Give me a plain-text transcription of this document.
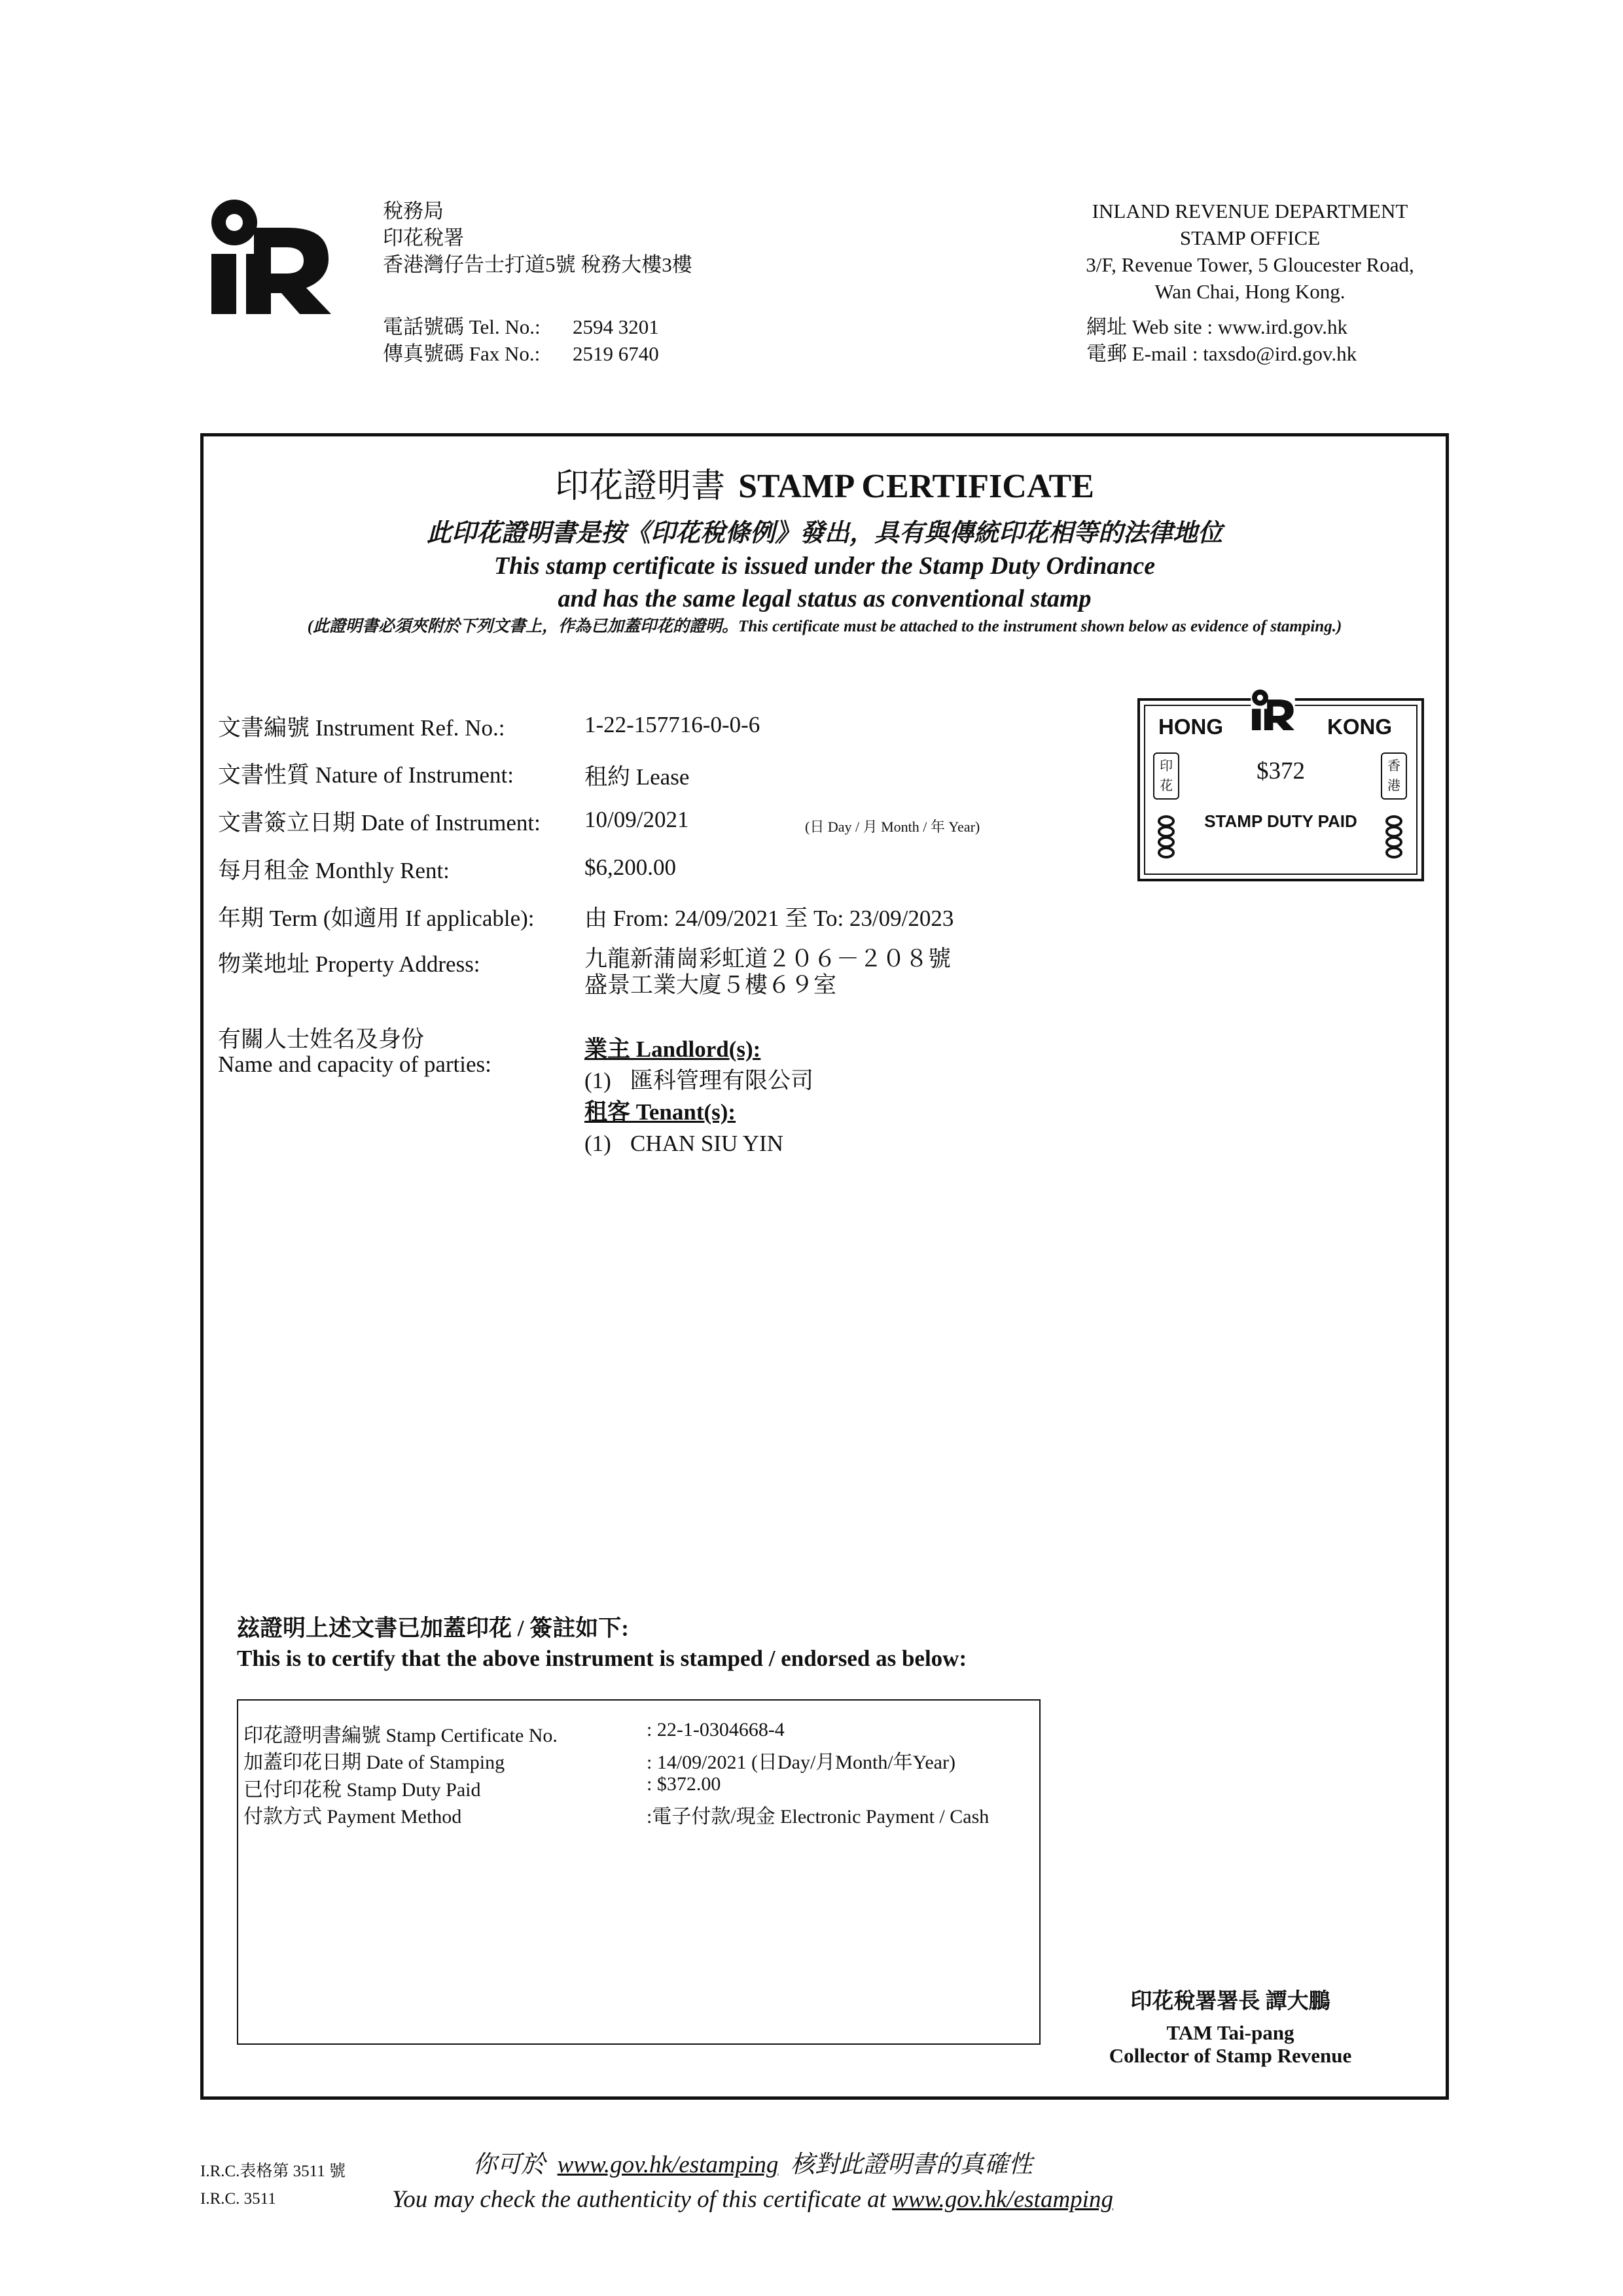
稅務局
印花稅署
香港灣仔告士打道5號 稅務大樓3樓
電話號碼 Tel. No.: 2594 3201
傳真號碼 Fax No.: 2519 6740
INLAND REVENUE DEPARTMENT
STAMP OFFICE
3/F, Revenue Tower, 5 Gloucester Road,
Wan Chai, Hong Kong.
網址 Web site : www.ird.gov.hk
電郵 E-mail : taxsdo@ird.gov.hk
印花證明書 STAMP CERTIFICATE
此印花證明書是按《印花稅條例》發出，具有與傳統印花相等的法律地位
This stamp certificate is issued under the Stamp Duty Ordinance
and has the same legal status as conventional stamp
(此證明書必須夾附於下列文書上，作為已加蓋印花的證明。This certificate must be attached to the instrument shown below as evidence of stamping.)
文書編號 Instrument Ref. No.:	1-22-157716-0-0-6
文書性質 Nature of Instrument:	租約 Lease
文書簽立日期 Date of Instrument: 10/09/2021	(日 Day / 月 Month / 年 Year)
每月租金 Monthly Rent:	$6,200.00
年期 Term (如適用 If applicable): 由 From: 24/09/2021 至 To: 23/09/2023
物業地址 Property Address:	九龍新蒲崗彩虹道２０６－２０８號
盛景工業大廈５樓６９室
有關人士姓名及身份
Name and capacity of parties:
業主 Landlord(s):
(1) 匯科管理有限公司
租客 Tenant(s):
(1) CHAN SIU YIN
HONG	KONG
印花
香港
$372
STAMP DUTY PAID
玆證明上述文書已加蓋印花 / 簽註如下:
This is to certify that the above instrument is stamped / endorsed as below:
印花證明書編號 Stamp Certificate No.	: 22-1-0304668-4
加蓋印花日期 Date of Stamping	: 14/09/2021 (日Day/月Month/年Year)
已付印花稅 Stamp Duty Paid	: $372.00
付款方式 Payment Method	:電子付款/現金 Electronic Payment / Cash
印花稅署署長 譚大鵬
TAM Tai-pang
Collector of Stamp Revenue
I.R.C.表格第 3511 號
I.R.C. 3511
你可於 www.gov.hk/estamping 核對此證明書的真確性
You may check the authenticity of this certificate at www.gov.hk/estamping
